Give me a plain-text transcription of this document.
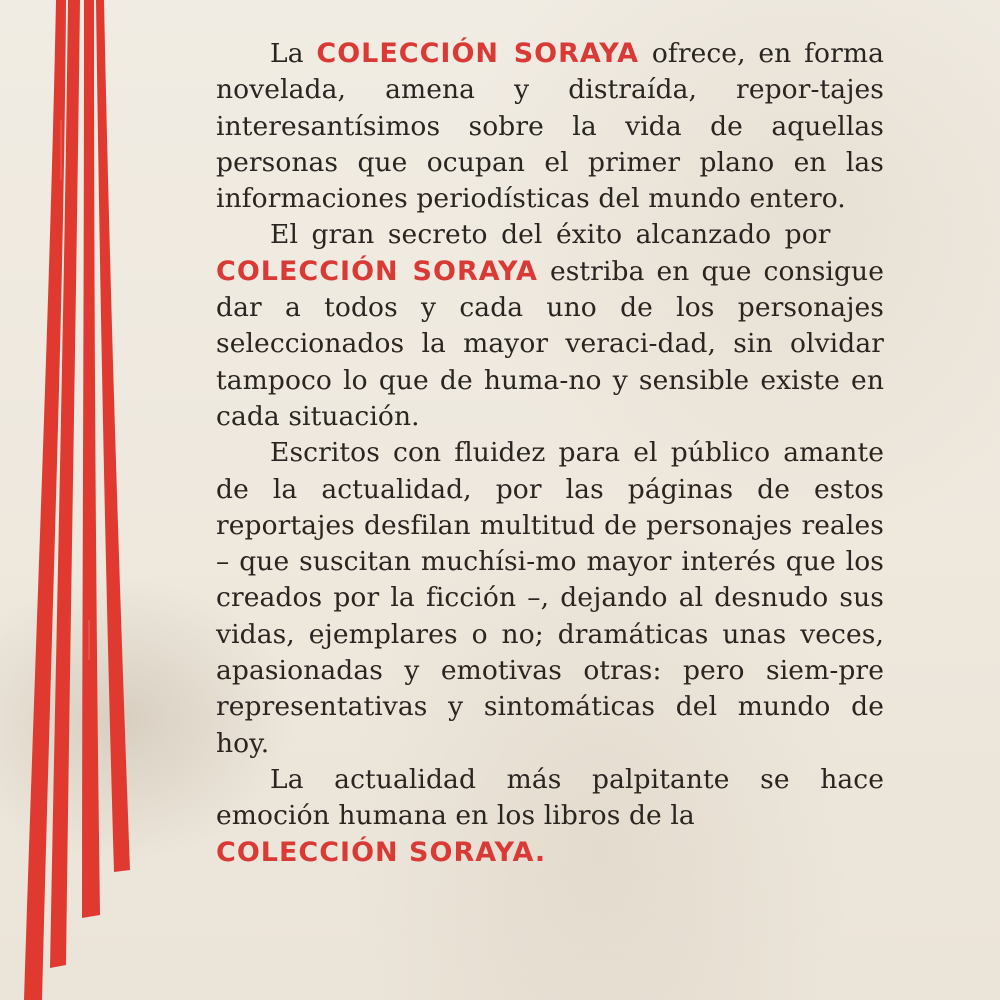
La COLECCIÓN SORAYA ofrece, en forma novelada, amena y distraída, repor-tajes interesantísimos sobre la vida de aquellas personas que ocupan el primer plano en las informaciones periodísticas del mundo entero.

El gran secreto del éxito alcanzado por COLECCIÓN SORAYA estriba en que consigue dar a todos y cada uno de los personajes seleccionados la mayor veraci-dad, sin olvidar tampoco lo que de huma-no y sensible existe en cada situación.

Escritos con fluidez para el público amante de la actualidad, por las páginas de estos reportajes desfilan multitud de personajes reales – que suscitan muchísi-mo mayor interés que los creados por la ficción –, dejando al desnudo sus vidas, ejemplares o no; dramáticas unas veces, apasionadas y emotivas otras: pero siem-pre representativas y sintomáticas del mundo de hoy.

La actualidad más palpitante se hace emoción humana en los libros de la
COLECCIÓN SORAYA.
